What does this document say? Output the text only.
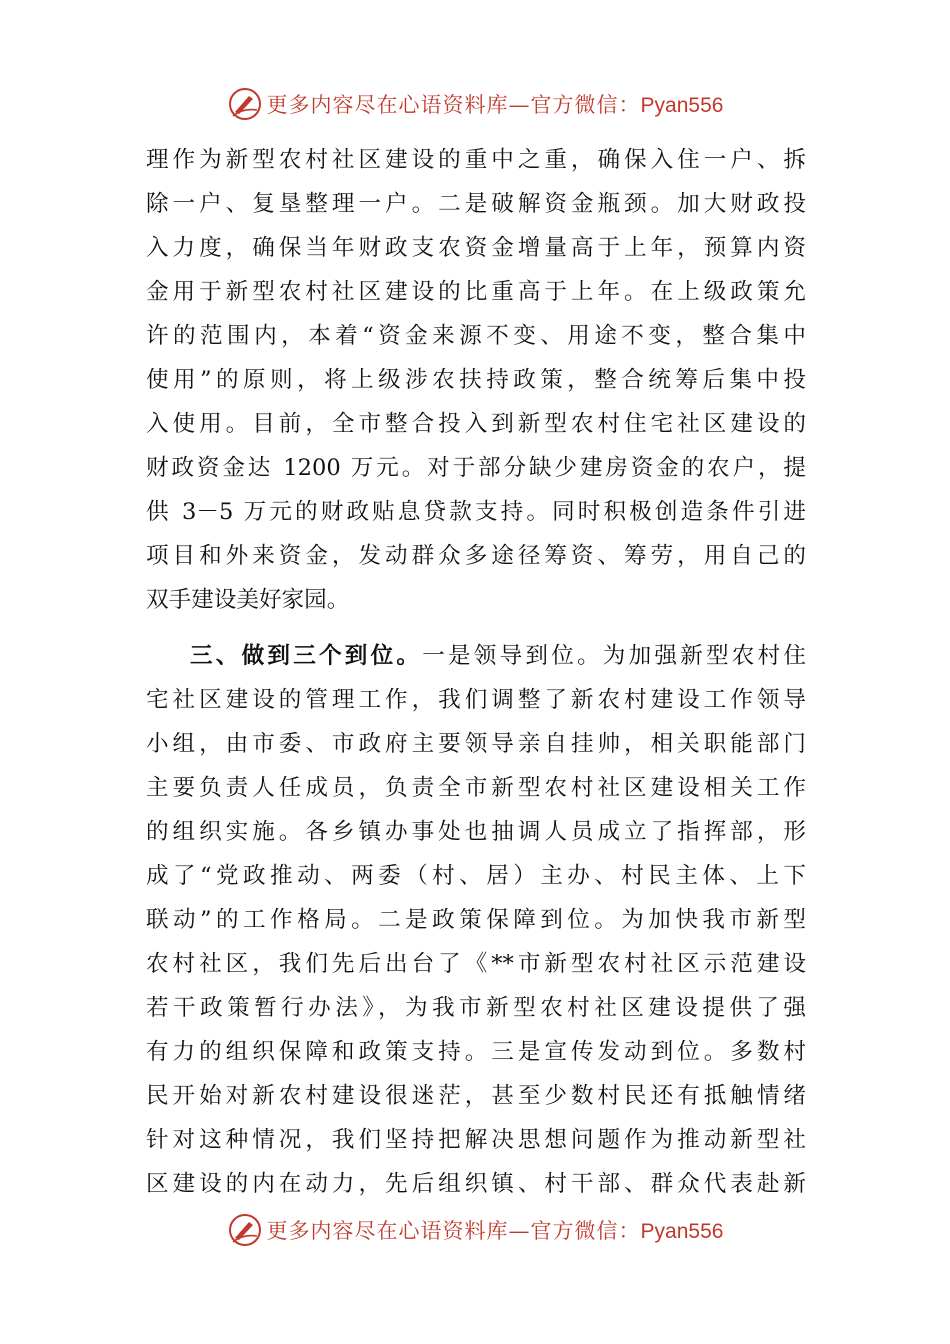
更多内容尽在心语资料库—官方微信：Pyan556
理作为新型农村社区建设的重中之重，确保入住一户、拆
除一户、复垦整理一户。二是破解资金瓶颈。加大财政投
入力度，确保当年财政支农资金增量高于上年，预算内资
金用于新型农村社区建设的比重高于上年。在上级政策允
许的范围内，本着“资金来源不变、用途不变，整合集中
使用”的原则，将上级涉农扶持政策，整合统筹后集中投
入使用。目前，全市整合投入到新型农村住宅社区建设的
财政资金达 1200 万元。对于部分缺少建房资金的农户，提
供 3－5 万元的财政贴息贷款支持。同时积极创造条件引进
项目和外来资金，发动群众多途径筹资、筹劳，用自己的
双手建设美好家园。
三、做到三个到位。一是领导到位。为加强新型农村住
宅社区建设的管理工作，我们调整了新农村建设工作领导
小组，由市委、市政府主要领导亲自挂帅，相关职能部门
主要负责人任成员，负责全市新型农村社区建设相关工作
的组织实施。各乡镇办事处也抽调人员成立了指挥部，形
成了“党政推动、两委（村、居）主办、村民主体、上下
联动”的工作格局。二是政策保障到位。为加快我市新型
农村社区，我们先后出台了《**市新型农村社区示范建设
若干政策暂行办法》，为我市新型农村社区建设提供了强
有力的组织保障和政策支持。三是宣传发动到位。多数村
民开始对新农村建设很迷茫，甚至少数村民还有抵触情绪
针对这种情况，我们坚持把解决思想问题作为推动新型社
区建设的内在动力，先后组织镇、村干部、群众代表赴新
更多内容尽在心语资料库—官方微信：Pyan556
